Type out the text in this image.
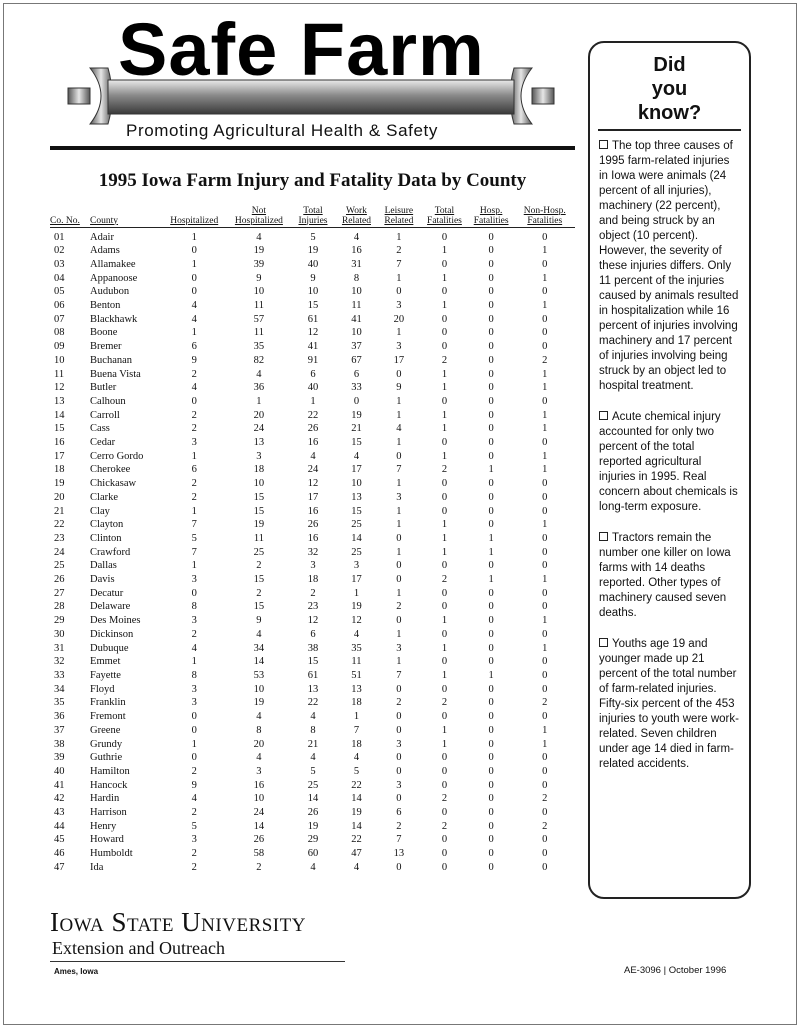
Safe Farm
Promoting Agricultural Health & Safety
1995 Iowa Farm Injury and Fatality Data by County
Co. No.	County	Hospitalized	Not Hospitalized	Total Injuries	Work Related	Leisure Related	Total Fatalities	Hosp. Fatalities	Non-Hosp. Fatalities
01	Adair	1	4	5	4	1	0	0	0
02	Adams	0	19	19	16	2	1	0	1
03	Allamakee	1	39	40	31	7	0	0	0
04	Appanoose	0	9	9	8	1	1	0	1
05	Audubon	0	10	10	10	0	0	0	0
06	Benton	4	11	15	11	3	1	0	1
07	Blackhawk	4	57	61	41	20	0	0	0
08	Boone	1	11	12	10	1	0	0	0
09	Bremer	6	35	41	37	3	0	0	0
10	Buchanan	9	82	91	67	17	2	0	2
11	Buena Vista	2	4	6	6	0	1	0	1
12	Butler	4	36	40	33	9	1	0	1
13	Calhoun	0	1	1	0	1	0	0	0
14	Carroll	2	20	22	19	1	1	0	1
15	Cass	2	24	26	21	4	1	0	1
16	Cedar	3	13	16	15	1	0	0	0
17	Cerro Gordo	1	3	4	4	0	1	0	1
18	Cherokee	6	18	24	17	7	2	1	1
19	Chickasaw	2	10	12	10	1	0	0	0
20	Clarke	2	15	17	13	3	0	0	0
21	Clay	1	15	16	15	1	0	0	0
22	Clayton	7	19	26	25	1	1	0	1
23	Clinton	5	11	16	14	0	1	1	0
24	Crawford	7	25	32	25	1	1	1	0
25	Dallas	1	2	3	3	0	0	0	0
26	Davis	3	15	18	17	0	2	1	1
27	Decatur	0	2	2	1	1	0	0	0
28	Delaware	8	15	23	19	2	0	0	0
29	Des Moines	3	9	12	12	0	1	0	1
30	Dickinson	2	4	6	4	1	0	0	0
31	Dubuque	4	34	38	35	3	1	0	1
32	Emmet	1	14	15	11	1	0	0	0
33	Fayette	8	53	61	51	7	1	1	0
34	Floyd	3	10	13	13	0	0	0	0
35	Franklin	3	19	22	18	2	2	0	2
36	Fremont	0	4	4	1	0	0	0	0
37	Greene	0	8	8	7	0	1	0	1
38	Grundy	1	20	21	18	3	1	0	1
39	Guthrie	0	4	4	4	0	0	0	0
40	Hamilton	2	3	5	5	0	0	0	0
41	Hancock	9	16	25	22	3	0	0	0
42	Hardin	4	10	14	14	0	2	0	2
43	Harrison	2	24	26	19	6	0	0	0
44	Henry	5	14	19	14	2	2	0	2
45	Howard	3	26	29	22	7	0	0	0
46	Humboldt	2	58	60	47	13	0	0	0
47	Ida	2	2	4	4	0	0	0	0
Did
you
know?
The top three causes of 1995 farm-related injuries in Iowa were animals (24 percent of all injuries), machinery (22 percent), and being struck by an object (10 percent). However, the severity of these injuries differs. Only 11 percent of the injuries caused by animals resulted in hospitalization while 16 percent of injuries involving machinery and 17 percent of injuries involving being struck by an object led to hospital treatment.
Acute chemical injury accounted for only two percent of the total reported agricultural injuries in 1995. Real concern about chemicals is long-term exposure.
Tractors remain the number one killer on Iowa farms with 14 deaths reported. Other types of machinery caused seven deaths.
Youths age 19 and younger made up 21 percent of the total number of farm-related injuries. Fifty-six percent of the 453 injuries to youth were work-related. Seven children under age 14 died in farm-related accidents.
Iowa State University
Extension and Outreach
Ames, Iowa	AE-3096 | October 1996
